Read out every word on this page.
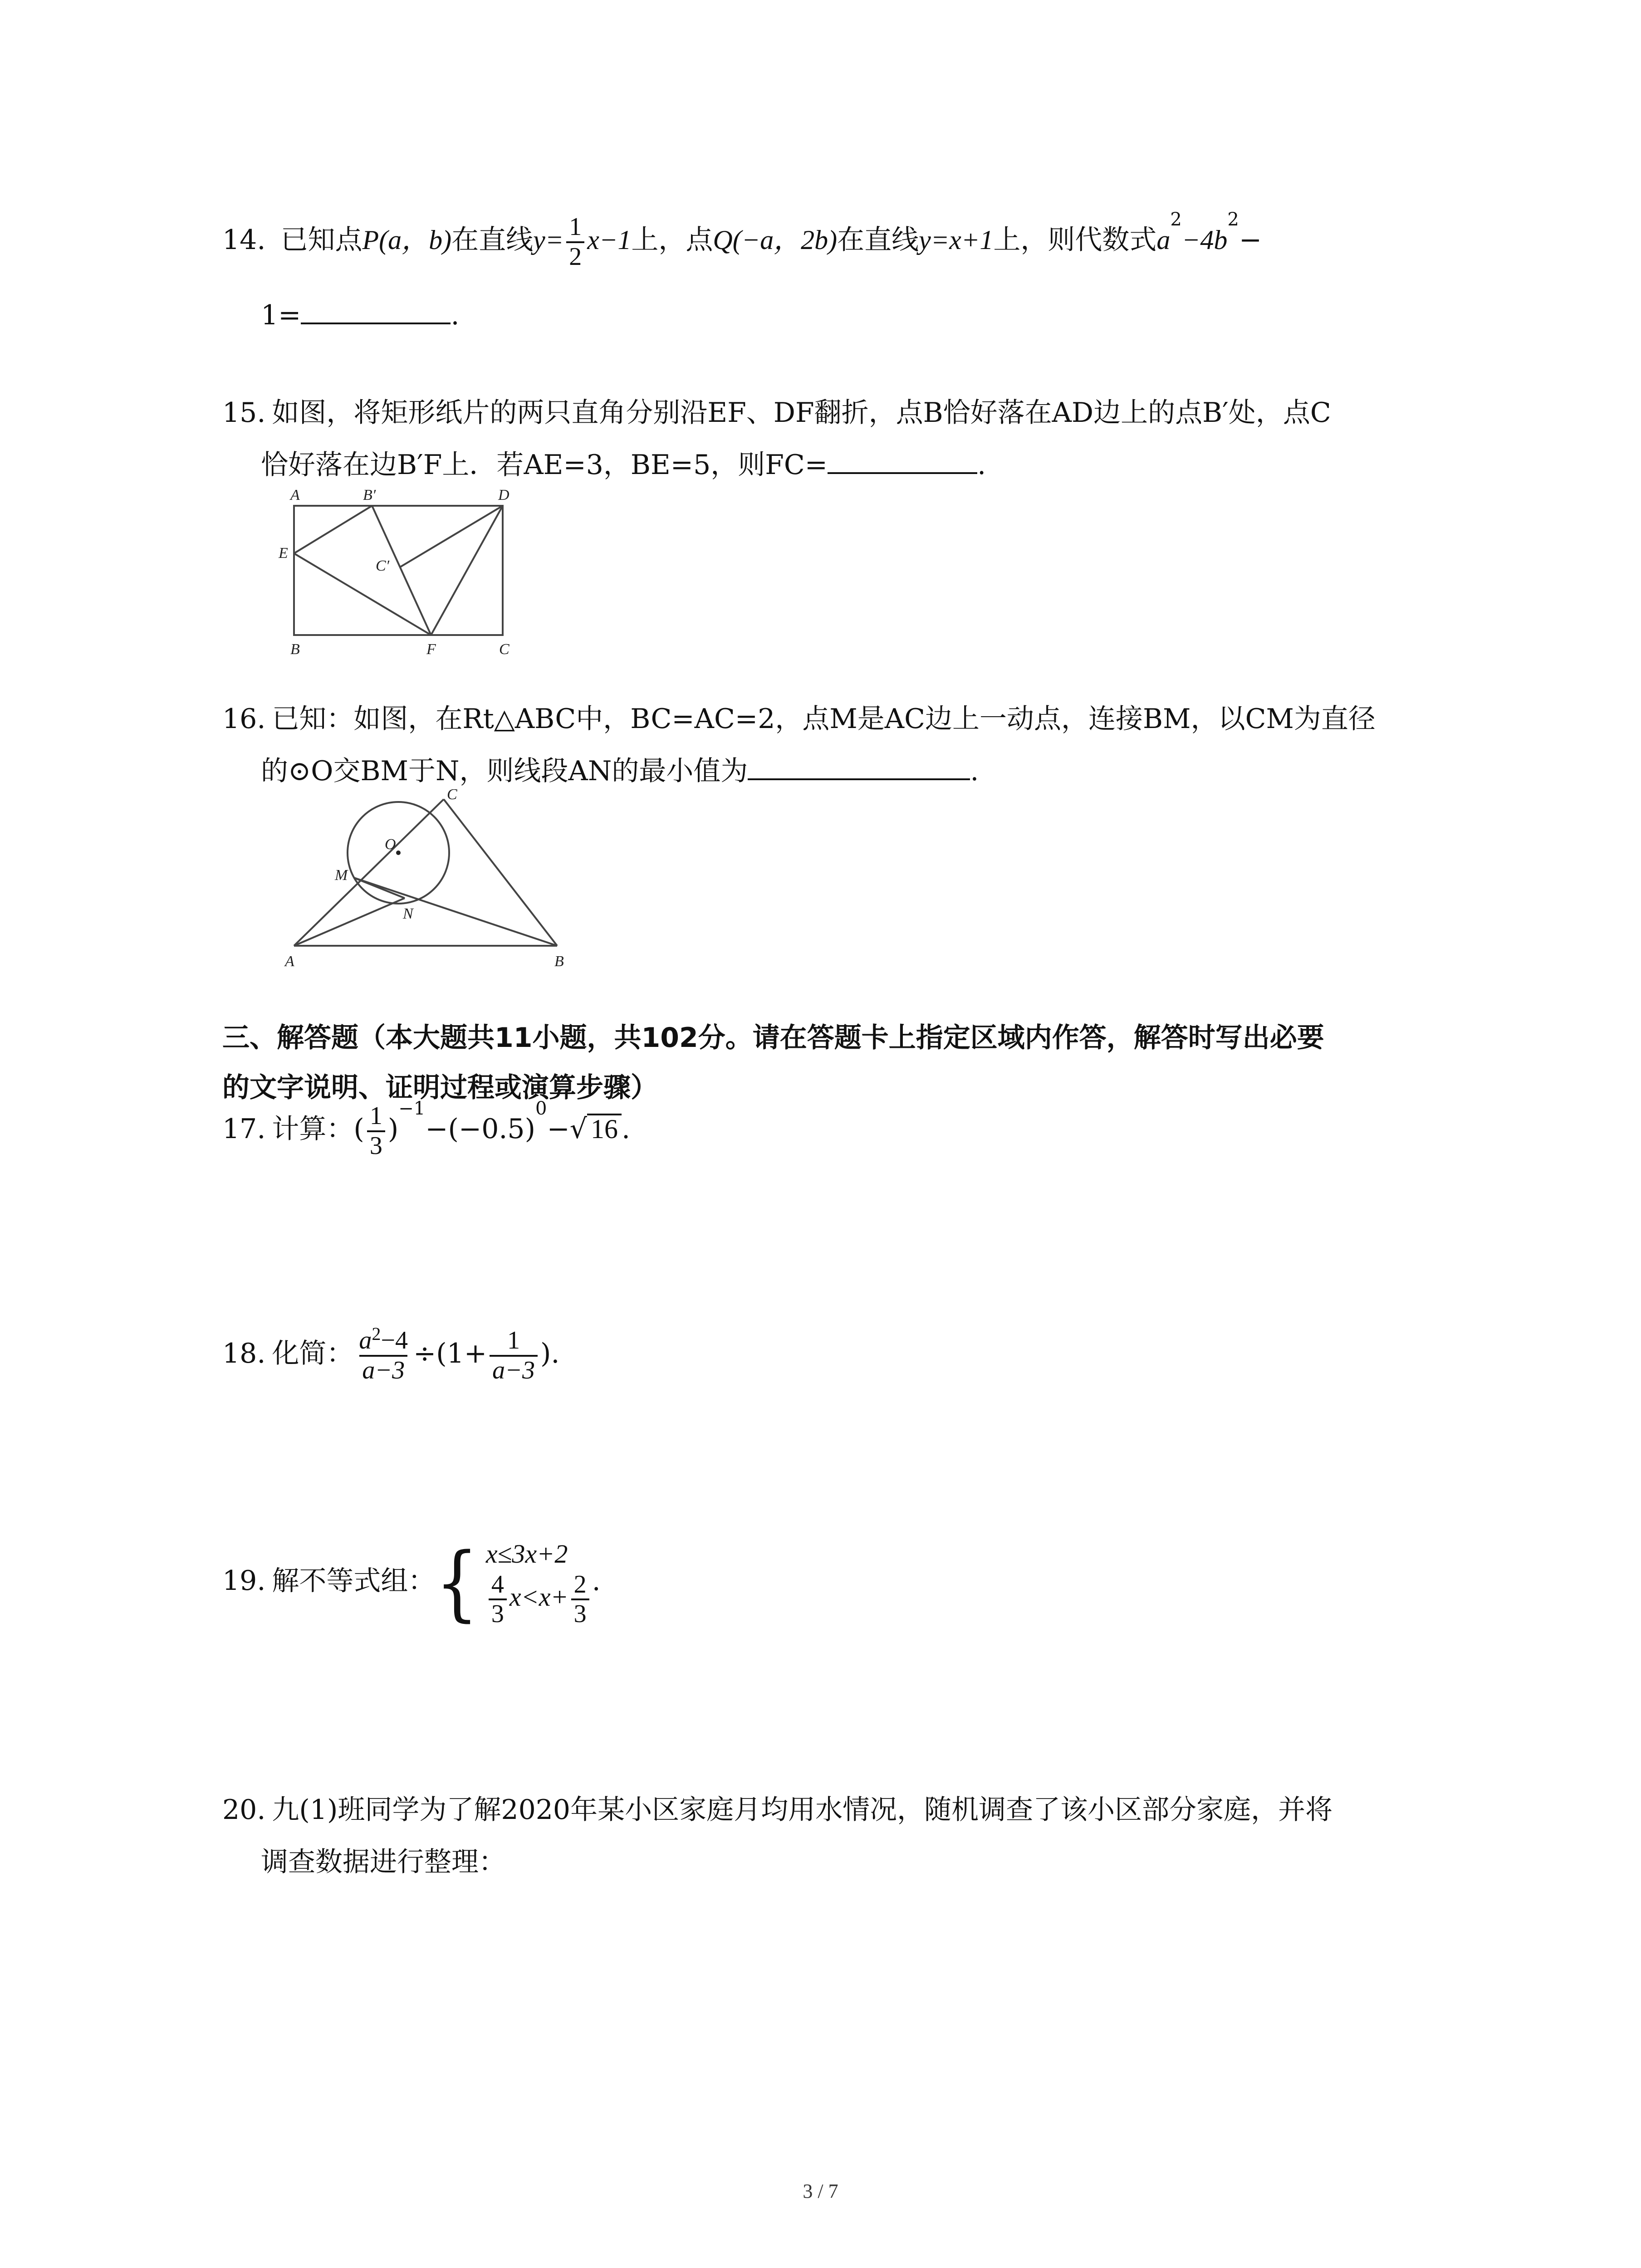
14. 已知点P(a，b)在直线$y= \frac{1}{2} x-1$上，点Q(−a，2b)在直线y=x+1上，则代数式$a^2-4b^2-$
1=	.
15. 如图，将矩形纸片的两只直角分别沿EF、DF翻折，点B恰好落在AD边上的点B′处，点C
恰好落在边B′F上．若AE=3，BE=5，则FC=	.
A	B′	D
E
C′
B	F	C
16. 已知：如图，在Rt△ABC中，BC=AC=2，点M是AC边上一动点，连接BM，以CM为直径
的⊙O交BM于N，则线段AN的最小值为	.
C
O
M
N
A	B
三、解答题（本大题共11小题，共102分。请在答题卡上指定区域内作答，解答时写出必要
的文字说明、证明过程或演算步骤）
17. 计算：( $\frac{1}{3} )^{-1}-(-0.5)^0-√$ 16 .
18. 化简： $\frac{a^2-4}{a-3} \div(1+ \frac{1}{a-3}$ ).
19. 解不等式组：{ x≤3x+2
$\frac{4}{3} x<x+ \frac{2}{3}$ .
20. 九(1)班同学为了解2020年某小区家庭月均用水情况，随机调查了该小区部分家庭，并将
调查数据进行整理：
3 / 7
